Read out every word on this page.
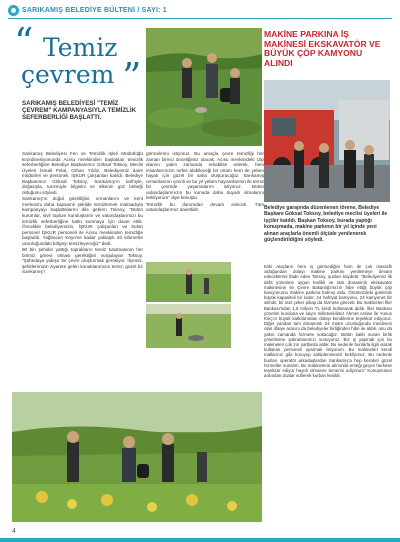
SARIKAMIŞ BELEDİYE BÜLTENİ / SAYI: 1
“ Temiz
çevrem ”
SARIKAMIŞ BELEDİYESİ "TEMİZ ÇEVREM" KAMPANYASIYLA TEMİZLİK SEFERBERLİĞİ BAŞLATTI.

Sarıkamış Belediyesi Fen ve Temizlik İşleri Müdürlüğü koordinesiyonunda Acısu mevkiinden başlatılan temizlik seferberliğine Belediye Başkanımız Göksal Toksoy, Meclis Üyeleri İsmail Polat, Orhan Yıldız, Belediyemiz daire müdürleri ve personeli, İŞKUR çalışanları katıldı. Belediye Başkanımız Göksal Toksoy, Sarıkamış'ın tarihiyle, doğasıyla, turizmiyle bilgisini ve ülkenin göz bebeği olduğunu söyledi.

Sarıkamış'ın doğal güzelliğini, ormanlarını ve kent merkezini daha kapsamlı şekilde temizlemek maksadıyla kampanyayı başlattıklarını dile getiren Toksoy, "Bütün kurumlar, sivil toplum kuruluşlarını ve vatandaşlarımızı bu temizlik seferberliğine katkı sunmaya için davet ettik. Öncelikle belediyemizin, İŞKUR çalışanları ve bütün personel İŞKUR personeli ile Acısu mevkiinden temizliğe başladık. Yağbacan Köyü'ne kadar yaklaşık 20 kilometre uzunluğundaki bölgeyi temizleyeceğiz" dedi.

90 bin şehidin yattığı toprakların temiz tutulmasının her birimiz görevi olması gerektiğini vurgulayan Toksoy, "Şühedaya yakışır bir çevre oluşturmak gerekiyor. İlçemiz, şehitlerimizin ziyarete gelen konuklarımızın temiz, güzel bir Sarıkamış'ı

görmelerini istiyoruz. Bu amaçla çevre temizliği her zaman birinci önceliğimiz olacak. Acısu mevkiindeki çöp alanını yakın zamanda rehabilite ederek, hem insanlarımızın nefes alabileceği bir ortam hem de yeben hayatı için güzel bir saha oluşturacağız. Sarıkamış ormanlarının çevrili ve bu yıl yeben hayvanlarının ile temiz bir çevrede yaşamalarını istiyoruz. Bütün vatandaşlarımızın bu konuda daha duyarlı olmalarını bekliyorum" diye konuştu.

Temizlik bu durumdan devam edecek. Tüm vatandaşlarımız davetlidir.

MAKİNE PARKINA İŞ MAKİNESİ EKSKAVATÖR VE BÜYÜK ÇÖP KAMYONU ALINDI
Belediye garajında düzenlenen törene, Belediye Başkanı Göksal Toksoy, belediye meclisi üyeleri ile işçiler katıldı. Başkan Toksoy, burada yaptığı konuşmada, makine parkının bir yıl içinde yeni alınan araçlarla önemli ölçüde yenilenerek güçlendirildiğini söyledi.
Eski araçların hem iş görmediğini hem de çok masraflı olduğundan dolayı makine parkını yenilemeye devam edeceklerini ifade eden Toksoy, şunları kaydetti: "Belediyemiz ilk defa yönetime uygun teslikli ve tam donanımlı ekskavatör makinesine ile Çevre Bakanlığı'mızın hibe ettiği büyük çöp kamyonumu makine parkına katmış oldu. Önümüzdeki günlerde büyük kapasiteli bir loder, 24 hafriyat kamyonu, 24 kamyonet bir silindir, bir sürt çeker pikap da hizmete girecek. Bu makineleri İller Bankası'ndan 1,5 milyon TL kredi kullanarak aldık. İller Bankası yönetim kuruluna ve sayın milletvekilimiz Ahmet Arslan ile Yunus Kılıç'ın büyük katkılarından dolayı kendilerine teşekkür ediyoruz. Diğer yandan tam donanımlı 24 metre uzunluğunda merdiveni olan itfaiye aracını da belediyeler birliğinden hibe ile aldık, onu da yakın zamanda hizmete sokacağız. Bütün katkı sunan birlik yönetimine şükranlarımızı sunuyoruz. Biz iş yapmak için bu makineleri çok zor şartlarda aldık. Bu nedenle bunlarla ilgili olarak kullanan personeli uyarmak istiyorum. Bu makineleri kendi mallarınız gibi koruyup sahiplenmenizi bekliyoruz. Bu nedenle bunları operatör arkadaşlardan Sarıkamış'a hep beraber güzel hizmetler sunalım. Bu makinelerin alımında emeği geçen herkese teşekkür ediyor hayırlı olmasını temenni ediyorum" Konuşmanın ardından dualar edilerek kurban kesildi.
4
